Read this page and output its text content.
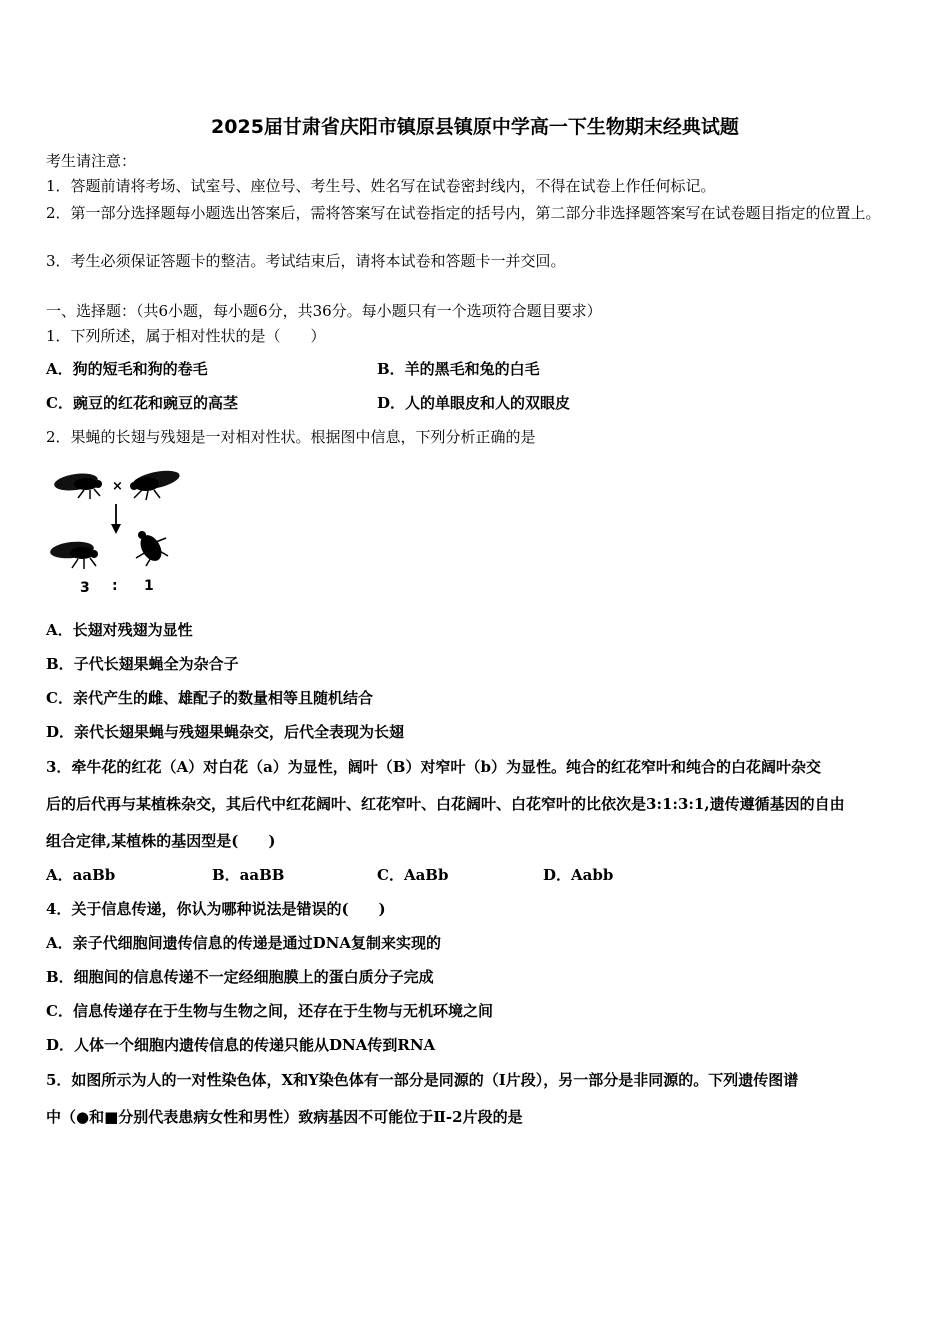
2025届甘肃省庆阳市镇原县镇原中学高一下生物期末经典试题
考生请注意：
1．答题前请将考场、试室号、座位号、考生号、姓名写在试卷密封线内，不得在试卷上作任何标记。
2．第一部分选择题每小题选出答案后，需将答案写在试卷指定的括号内，第二部分非选择题答案写在试卷题目指定的位置上。
3．考生必须保证答题卡的整洁。考试结束后，请将本试卷和答题卡一并交回。
一、选择题：（共6小题，每小题6分，共36分。每小题只有一个选项符合题目要求）
1．下列所述，属于相对性状的是（　　）
A．狗的短毛和狗的卷毛	B．羊的黑毛和兔的白毛
C．豌豆的红花和豌豆的高茎	D．人的单眼皮和人的双眼皮
2．果蝇的长翅与残翅是一对相对性状。根据图中信息，下列分析正确的是
×
3 : 1
A．长翅对残翅为显性
B．子代长翅果蝇全为杂合子
C．亲代产生的雌、雄配子的数量相等且随机结合
D．亲代长翅果蝇与残翅果蝇杂交，后代全表现为长翅
3．牵牛花的红花（A）对白花（a）为显性，阔叶（B）对窄叶（b）为显性。纯合的红花窄叶和纯合的白花阔叶杂交
后的后代再与某植株杂交，其后代中红花阔叶、红花窄叶、白花阔叶、白花窄叶的比依次是3:1:3:1,遗传遵循基因的自由
组合定律,某植株的基因型是(　　)
A．aaBb	B．aaBB	C．AaBb	D．Aabb
4．关于信息传递，你认为哪种说法是错误的(　　)
A．亲子代细胞间遗传信息的传递是通过DNA复制来实现的
B．细胞间的信息传递不一定经细胞膜上的蛋白质分子完成
C．信息传递存在于生物与生物之间，还存在于生物与无机环境之间
D．人体一个细胞内遗传信息的传递只能从DNA传到RNA
5．如图所示为人的一对性染色体，X和Y染色体有一部分是同源的（Ⅰ片段），另一部分是非同源的。下列遗传图谱
中（●和■分别代表患病女性和男性）致病基因不可能位于Ⅱ-2片段的是
